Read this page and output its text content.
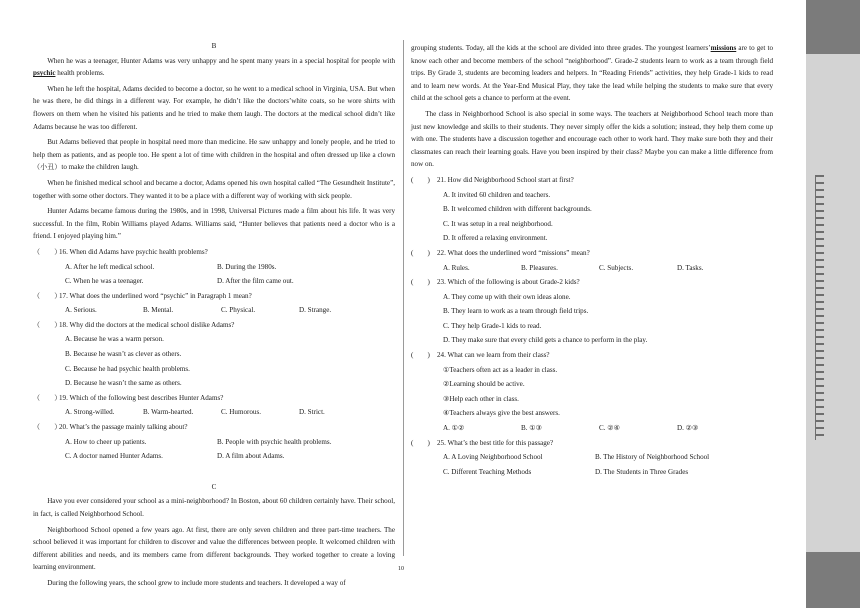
B

When he was a teenager, Hunter Adams was very unhappy and he spent many years in a special hospital for people with psychic health problems.

When he left the hospital, Adams decided to become a doctor, so he went to a medical school in Virginia, USA. But when he was there, he did things in a different way. For example, he didn’t like the doctors’white coats, so he wore shirts with flowers on them when he visited his patients and he tried to make them laugh. The doctors at the medical school didn’t like Adams because he was too different.

But Adams believed that people in hospital need more than medicine. He saw unhappy and lonely people, and he tried to help them as patients, and as people too. He spent a lot of time with children in the hospital and often dressed up like a clown（小丑）to make the children laugh.

When he finished medical school and became a doctor, Adams opened his own hospital called “The Gesundheit Institute”, together with some other doctors. They wanted it to be a place with a different way of working with sick people.

Hunter Adams became famous during the 1980s, and in 1998, Universal Pictures made a film about his life. It was very successful. In the film, Robin Williams played Adams. Williams said, “Hunter believes that patients need a doctor who is a friend. I enjoyed playing him.”

（　　）16. When did Adams have psychic health problems?
A. After he left medical school.	B. During the 1980s.
C. When he was a teenager.	D. After the film came out.
（　　）17. What does the underlined word “psychic” in Paragraph 1 mean?
A. Serious.	B. Mental.	C. Physical.	D. Strange.
（　　）18. Why did the doctors at the medical school dislike Adams?
A. Because he was a warm person.
B. Because he wasn’t as clever as others.
C. Because he had psychic health problems.
D. Because he wasn’t the same as others.
（　　）19. Which of the following best describes Hunter Adams?
A. Strong-willed.	B. Warm-hearted.	C. Humorous.	D. Strict.
（　　）20. What’s the passage mainly talking about?
A. How to cheer up patients.	B. People with psychic health problems.
C. A doctor named Hunter Adams.	D. A film about Adams.
C

Have you ever considered your school as a mini-neighborhood? In Boston, about 60 children certainly have. Their school, in fact, is called Neighborhood School.

Neighborhood School opened a few years ago. At first, there are only seven children and three part-time teachers. The school believed it was important for children to discover and value the differences between people. It welcomed children with different abilities and needs, and its members came from different backgrounds. They worked together to create a loving learning environment.

During the following years, the school grew to include more students and teachers. It developed a way of

grouping students. Today, all the kids at the school are divided into three grades. The youngest learners’missions are to get to know each other and become members of the school “neighborhood”. Grade-2 students learn to work as a team through field trips. By Grade 3, students are becoming leaders and helpers. In “Reading Friends” activities, they help Grade-1 kids to read and to learn new words. At the Year-End Musical Play, they take the lead while helping the students to make sure that every child at the school gets a chance to perform at the event.

The class in Neighborhood School is also special in some ways. The teachers at Neighborhood School teach more than just new knowledge and skills to their students. They never simply offer the kids a solution; instead, they help them come up with one. The students have a discussion together and encourage each other to work hard. They make sure both they and their classmates can reach their learning goals. Have you been inspired by their class? Maybe you can make a little difference from now on.

(　　) 21. How did Neighborhood School start at first?
A. It invited 60 children and teachers.
B. It welcomed children with different backgrounds.
C. It was setup in a real neighborhood.
D. It offered a relaxing environment.
(　　) 22. What does the underlined word “missions” mean?
A. Rules.	B. Pleasures.	C. Subjects.	D. Tasks.
(　　) 23. Which of the following is about Grade-2 kids?
A. They come up with their own ideas alone.
B. They learn to work as a team through field trips.
C. They help Grade-1 kids to read.
D. They make sure that every child gets a chance to perform in the play.
(　　) 24. What can we learn from their class?
①Teachers often act as a leader in class.
②Learning should be active.
③Help each other in class.
④Teachers always give the best answers.
A. ①②	B. ①③	C. ②④	D. ②③
(　　) 25. What’s the best title for this passage?
A. A Loving Neighborhood School	B. The History of Neighborhood School
C. Different Teaching Methods	D. The Students in Three Grades
10
